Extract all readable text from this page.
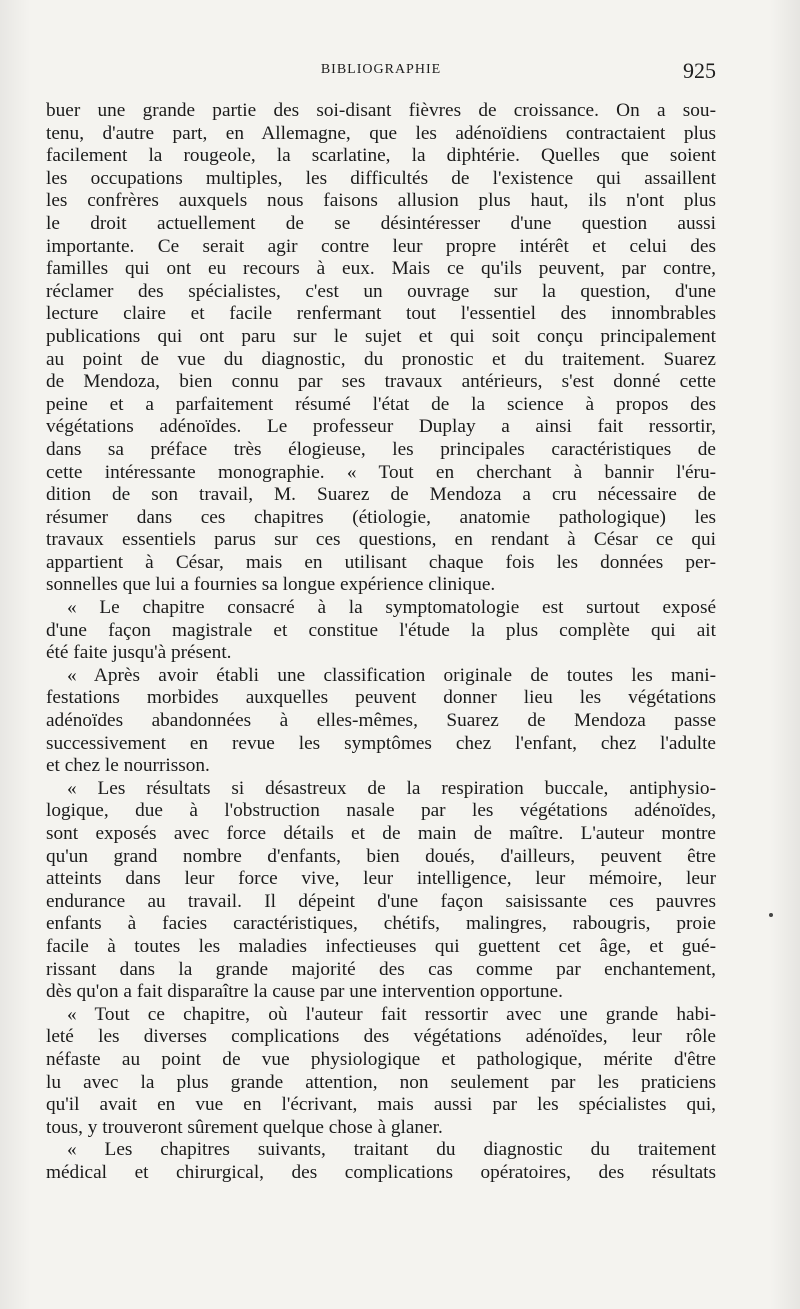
BIBLIOGRAPHIE	925
buer une grande partie des soi-disant fièvres de croissance. On a sou-
tenu, d'autre part, en Allemagne, que les adénoïdiens contractaient plus
facilement la rougeole, la scarlatine, la diphtérie. Quelles que soient
les occupations multiples, les difficultés de l'existence qui assaillent
les confrères auxquels nous faisons allusion plus haut, ils n'ont plus
le droit actuellement de se désintéresser d'une question aussi
importante. Ce serait agir contre leur propre intérêt et celui des
familles qui ont eu recours à eux. Mais ce qu'ils peuvent, par contre,
réclamer des spécialistes, c'est un ouvrage sur la question, d'une
lecture claire et facile renfermant tout l'essentiel des innombrables
publications qui ont paru sur le sujet et qui soit conçu principalement
au point de vue du diagnostic, du pronostic et du traitement. Suarez
de Mendoza, bien connu par ses travaux antérieurs, s'est donné cette
peine et a parfaitement résumé l'état de la science à propos des
végétations adénoïdes. Le professeur Duplay a ainsi fait ressortir,
dans sa préface très élogieuse, les principales caractéristiques de
cette intéressante monographie. « Tout en cherchant à bannir l'éru-
dition de son travail, M. Suarez de Mendoza a cru nécessaire de
résumer dans ces chapitres (étiologie, anatomie pathologique) les
travaux essentiels parus sur ces questions, en rendant à César ce qui
appartient à César, mais en utilisant chaque fois les données per-
sonnelles que lui a fournies sa longue expérience clinique.
« Le chapitre consacré à la symptomatologie est surtout exposé
d'une façon magistrale et constitue l'étude la plus complète qui ait
été faite jusqu'à présent.
« Après avoir établi une classification originale de toutes les mani-
festations morbides auxquelles peuvent donner lieu les végétations
adénoïdes abandonnées à elles-mêmes, Suarez de Mendoza passe
successivement en revue les symptômes chez l'enfant, chez l'adulte
et chez le nourrisson.
« Les résultats si désastreux de la respiration buccale, antiphysio-
logique, due à l'obstruction nasale par les végétations adénoïdes,
sont exposés avec force détails et de main de maître. L'auteur montre
qu'un grand nombre d'enfants, bien doués, d'ailleurs, peuvent être
atteints dans leur force vive, leur intelligence, leur mémoire, leur
endurance au travail. Il dépeint d'une façon saisissante ces pauvres
enfants à facies caractéristiques, chétifs, malingres, rabougris, proie
facile à toutes les maladies infectieuses qui guettent cet âge, et gué-
rissant dans la grande majorité des cas comme par enchantement,
dès qu'on a fait disparaître la cause par une intervention opportune.
« Tout ce chapitre, où l'auteur fait ressortir avec une grande habi-
leté les diverses complications des végétations adénoïdes, leur rôle
néfaste au point de vue physiologique et pathologique, mérite d'être
lu avec la plus grande attention, non seulement par les praticiens
qu'il avait en vue en l'écrivant, mais aussi par les spécialistes qui,
tous, y trouveront sûrement quelque chose à glaner.
« Les chapitres suivants, traitant du diagnostic du traitement
médical et chirurgical, des complications opératoires, des résultats
